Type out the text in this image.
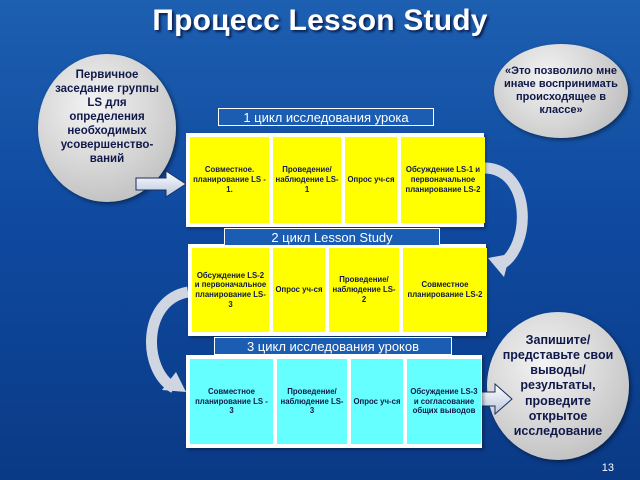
Процесс Lesson Study
Первичное заседание группы LS для определения необходимых усовершенство-ваний
«Это позволило мне иначе воспринимать происходящее в классе»
Запишите/ представьте свои выводы/результаты, проведите открытое исследование
Совместное. планирование LS - 1.
Проведение/ наблюдение LS-1
Опрос уч-ся
Обсуждение LS-1 и первоначальное планирование LS-2
1 цикл исследования урока
Обсуждение LS-2 и первоначальное планирование LS-3
Опрос уч-ся
Проведение/ наблюдение LS-2
Совместное планирование LS-2
2 цикл Lesson Study
Совместное планирование LS - 3
Проведение/ наблюдение LS-3
Опрос уч-ся
Обсуждение LS-3 и согласование общих выводов
3 цикл исследования уроков
13
